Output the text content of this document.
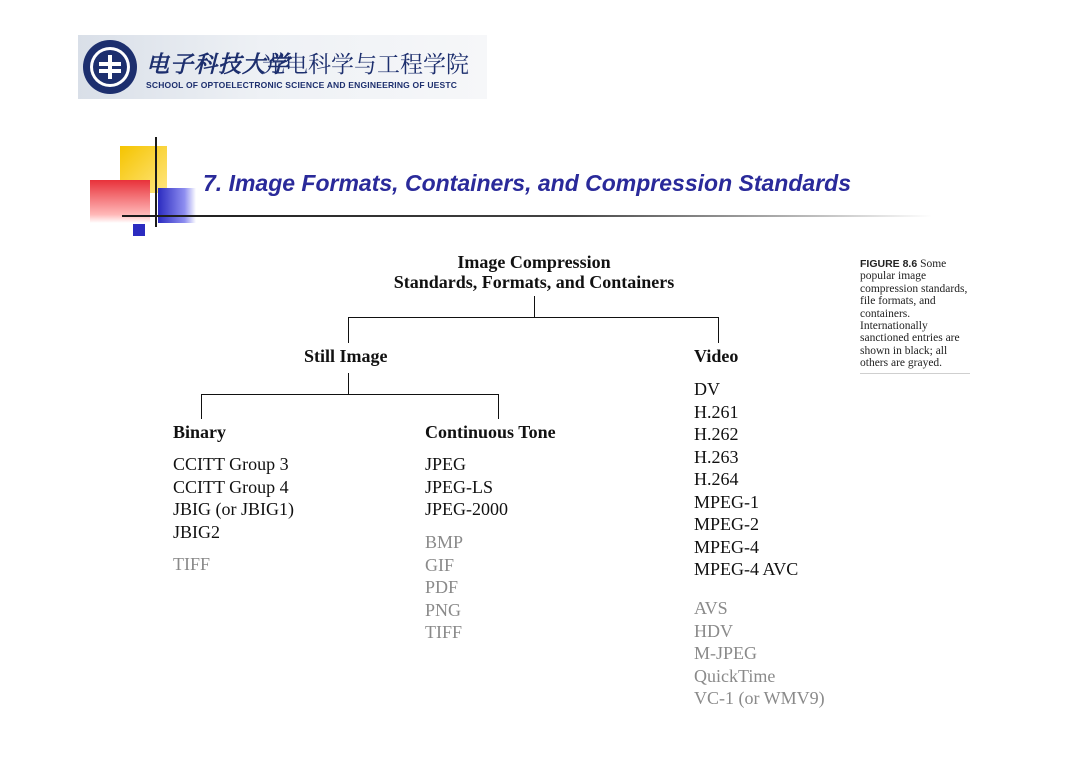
电子科技大学
光电科学与工程学院
SCHOOL OF OPTOELECTRONIC SCIENCE AND ENGINEERING OF UESTC
7. Image Formats, Containers, and Compression Standards
Image Compression
Standards, Formats, and Containers
Still Image	Video
Binary	Continuous Tone
CCITT Group 3
CCITT Group 4
JBIG (or JBIG1)
JBIG2
TIFF
JPEG
JPEG-LS
JPEG-2000
BMP
GIF
PDF
PNG
TIFF
DV
H.261
H.262
H.263
H.264
MPEG-1
MPEG-2
MPEG-4
MPEG-4 AVC
AVS
HDV
M-JPEG
QuickTime
VC-1 (or WMV9)
FIGURE 8.6 Some popular image compression standards, file formats, and containers. Internationally sanctioned entries are shown in black; all others are grayed.
